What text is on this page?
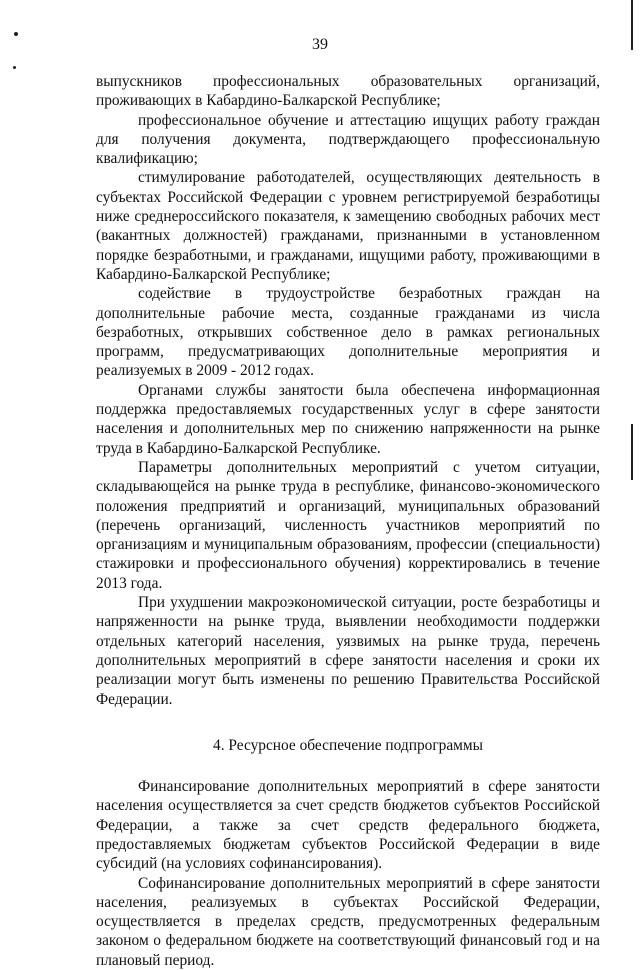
39

выпускников профессиональных образовательных организаций, проживающих в Кабардино-Балкарской Республике;

профессиональное обучение и аттестацию ищущих работу граждан для получения документа, подтверждающего профессиональную квалификацию;

стимулирование работодателей, осуществляющих деятельность в субъектах Российской Федерации с уровнем регистрируемой безработицы ниже среднероссийского показателя, к замещению свободных рабочих мест (вакантных должностей) гражданами, признанными в установленном порядке безработными, и гражданами, ищущими работу, проживающими в Кабардино-Балкарской Республике;

содействие в трудоустройстве безработных граждан на дополнительные рабочие места, созданные гражданами из числа безработных, открывших собственное дело в рамках региональных программ, предусматривающих дополнительные мероприятия и реализуемых в 2009 - 2012 годах.

Органами службы занятости была обеспечена информационная поддержка предоставляемых государственных услуг в сфере занятости населения и дополнительных мер по снижению напряженности на рынке труда в Кабардино-Балкарской Республике.

Параметры дополнительных мероприятий с учетом ситуации, складывающейся на рынке труда в республике, финансово-экономического положения предприятий и организаций, муниципальных образований (перечень организаций, численность участников мероприятий по организациям и муниципальным образованиям, профессии (специальности) стажировки и профессионального обучения) корректировались в течение 2013 года.

При ухудшении макроэкономической ситуации, росте безработицы и напряженности на рынке труда, выявлении необходимости поддержки отдельных категорий населения, уязвимых на рынке труда, перечень дополнительных мероприятий в сфере занятости населения и сроки их реализации могут быть изменены по решению Правительства Российской Федерации.

4. Ресурсное обеспечение подпрограммы

Финансирование дополнительных мероприятий в сфере занятости населения осуществляется за счет средств бюджетов субъектов Российской Федерации, а также за счет средств федерального бюджета, предоставляемых бюджетам субъектов Российской Федерации в виде субсидий (на условиях софинансирования).

Софинансирование дополнительных мероприятий в сфере занятости населения, реализуемых в субъектах Российской Федерации, осуществляется в пределах средств, предусмотренных федеральным законом о федеральном бюджете на соответствующий финансовый год и на плановый период.
